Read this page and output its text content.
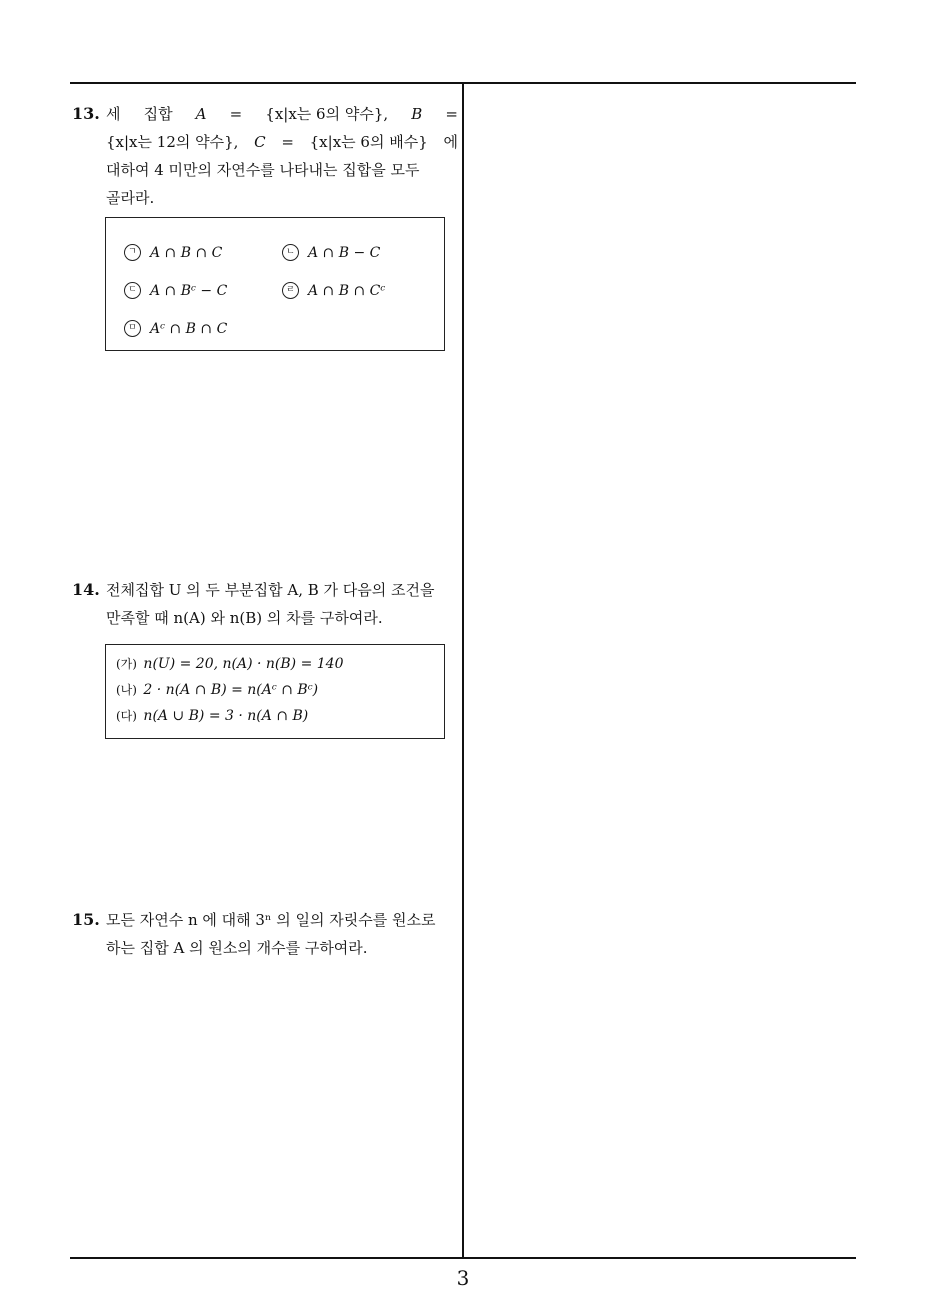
13. 세 집합 A = {x|x는 6의 약수}, B =
{x|x는 12의 약수}, C = {x|x는 6의 배수} 에
대하여 4 미만의 자연수를 나타내는 집합을 모두
골라라.
ㄱ A ∩ B ∩ C	ㄴ A ∩ B − C
ㄷ A ∩ Bᶜ − C	ㄹ A ∩ B ∩ Cᶜ
ㅁ Aᶜ ∩ B ∩ C
14. 전체집합 U 의 두 부분집합 A, B 가 다음의 조건을
만족할 때 n(A) 와 n(B) 의 차를 구하여라.
(가) n(U) = 20, n(A) · n(B) = 140
(나) 2 · n(A ∩ B) = n(Aᶜ ∩ Bᶜ)
(다) n(A ∪ B) = 3 · n(A ∩ B)
15. 모든 자연수 n 에 대해 3ⁿ 의 일의 자릿수를 원소로
하는 집합 A 의 원소의 개수를 구하여라.
3
